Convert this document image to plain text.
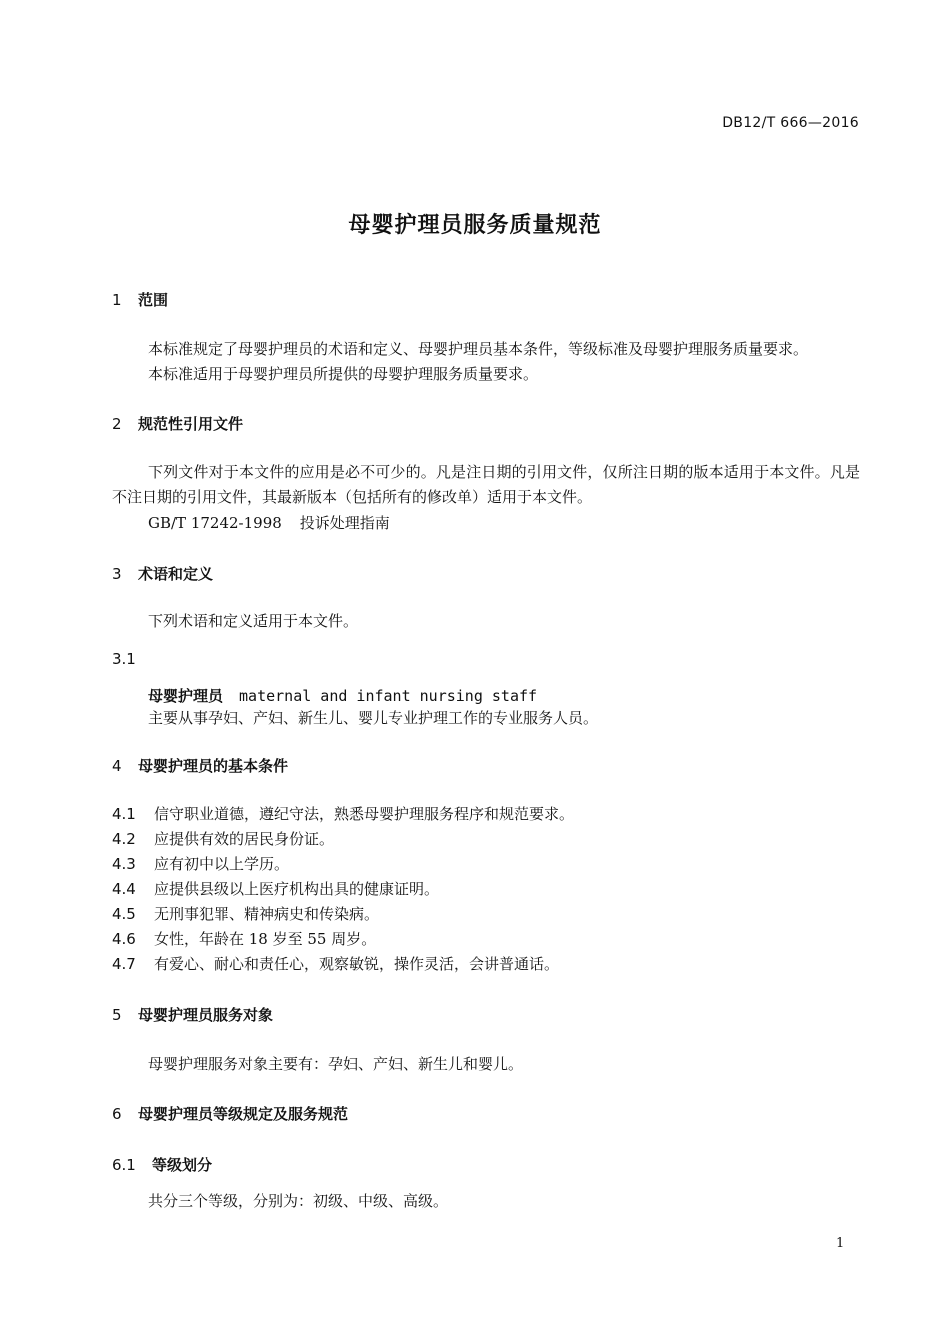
DB12/T 666—2016
母婴护理员服务质量规范
1 范围
本标准规定了母婴护理员的术语和定义、母婴护理员基本条件，等级标准及母婴护理服务质量要求。
本标准适用于母婴护理员所提供的母婴护理服务质量要求。
2 规范性引用文件
下列文件对于本文件的应用是必不可少的。凡是注日期的引用文件，仅所注日期的版本适用于本文件。凡是不注日期的引用文件，其最新版本（包括所有的修改单）适用于本文件。
GB/T 17242-1998 投诉处理指南
3 术语和定义
下列术语和定义适用于本文件。
3.1
母婴护理员 maternal and infant nursing staff
主要从事孕妇、产妇、新生儿、婴儿专业护理工作的专业服务人员。
4 母婴护理员的基本条件
4.1 信守职业道德，遵纪守法，熟悉母婴护理服务程序和规范要求。
4.2 应提供有效的居民身份证。
4.3 应有初中以上学历。
4.4 应提供县级以上医疗机构出具的健康证明。
4.5 无刑事犯罪、精神病史和传染病。
4.6 女性，年龄在 18 岁至 55 周岁。
4.7 有爱心、耐心和责任心，观察敏锐，操作灵活，会讲普通话。
5 母婴护理员服务对象
母婴护理服务对象主要有：孕妇、产妇、新生儿和婴儿。
6 母婴护理员等级规定及服务规范
6.1 等级划分
共分三个等级，分别为：初级、中级、高级。
1
